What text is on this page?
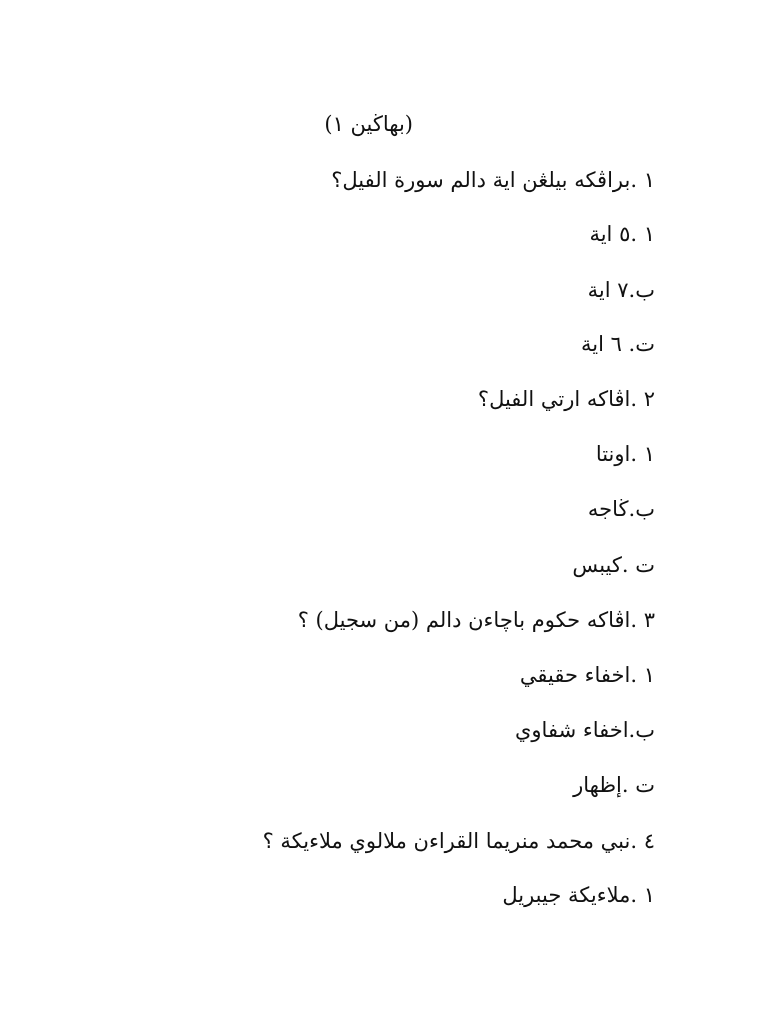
(بهاڬين ١)
١ .براڤكه بيلڠن اية دالم سورة الفيل؟
١ .٥ اية
ب.٧ اية
ت. ٦ اية
٢ .اڤاكه ارتي الفيل؟
١ .اونتا
ب.ڬاجه
ت .كيبس
٣ .اڤاكه حكوم باچاءن دالم (من سجيل) ؟
١ .اخفاء حقيقي
ب.اخفاء شفاوي
ت .إظهار
٤ .نبي محمد منريما القراءن ملالوي ملاءيكة ؟
١ .ملاءيكة جيبريل
